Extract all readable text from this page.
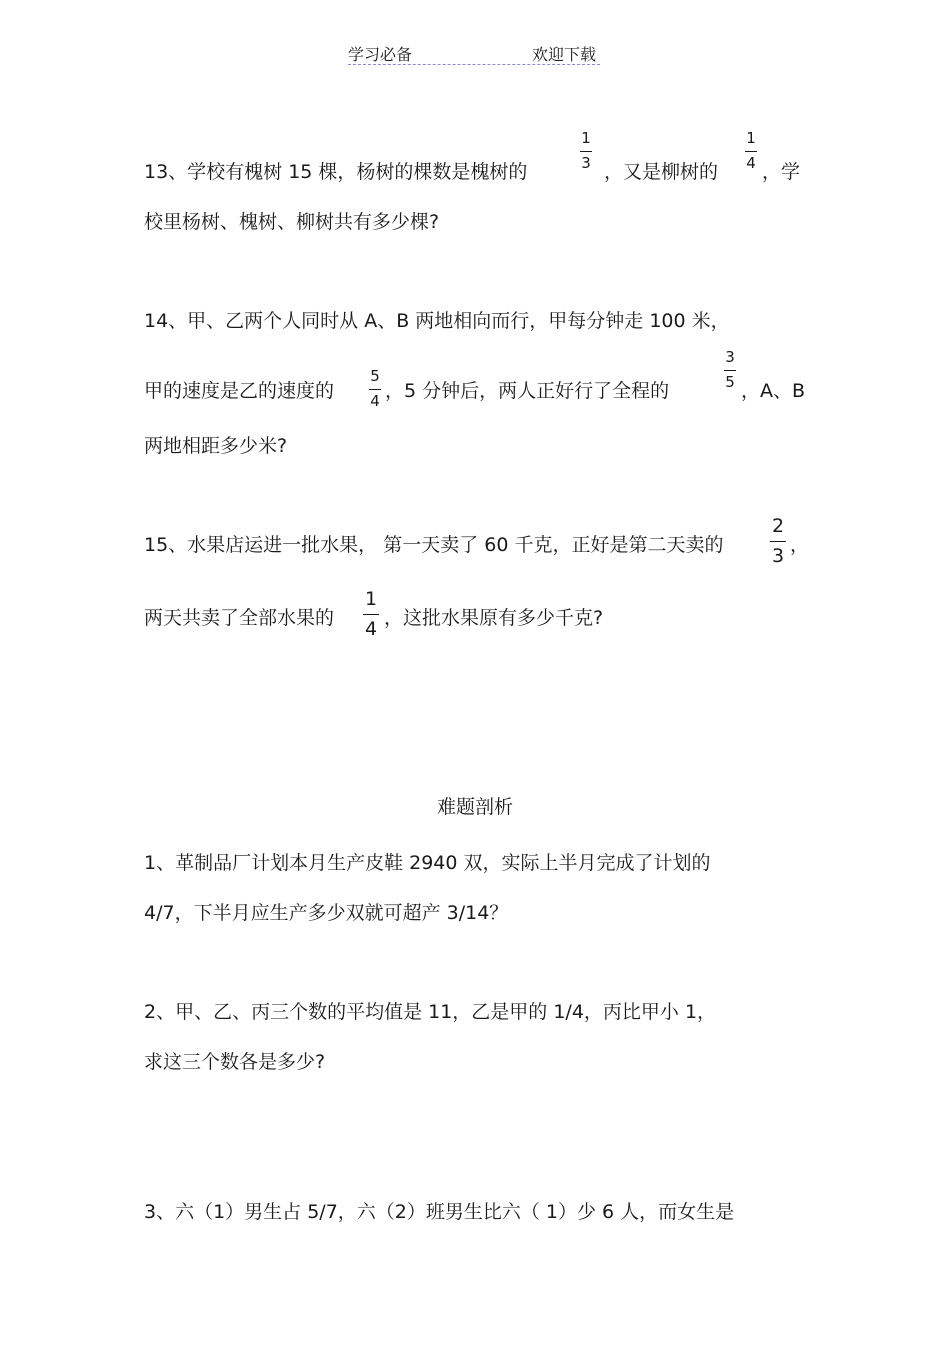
学习必备	欢迎下载
13、学校有槐树 15 棵，杨树的棵数是槐树的
1
3 ，又是柳树的
1
4 ，学
校里杨树、槐树、柳树共有多少棵?
14、甲、乙两个人同时从 A、B 两地相向而行，甲每分钟走 100 米，
甲的速度是乙的速度的
5
4 ，5 分钟后，两人正好行了全程的
3
5 ，A、B
两地相距多少米?
15、水果店运进一批水果， 第一天卖了 60 千克，正好是第二天卖的
2
3 ，
两天共卖了全部水果的
1
4 ，这批水果原有多少千克?
难题剖析
1、革制品厂计划本月生产皮鞋 2940 双，实际上半月完成了计划的
4/7，下半月应生产多少双就可超产 3/14？
2、甲、乙、丙三个数的平均值是 11，乙是甲的 1/4，丙比甲小 1，
求这三个数各是多少?
3、六（1）男生占 5/7，六（2）班男生比六（ 1）少 6 人，而女生是
